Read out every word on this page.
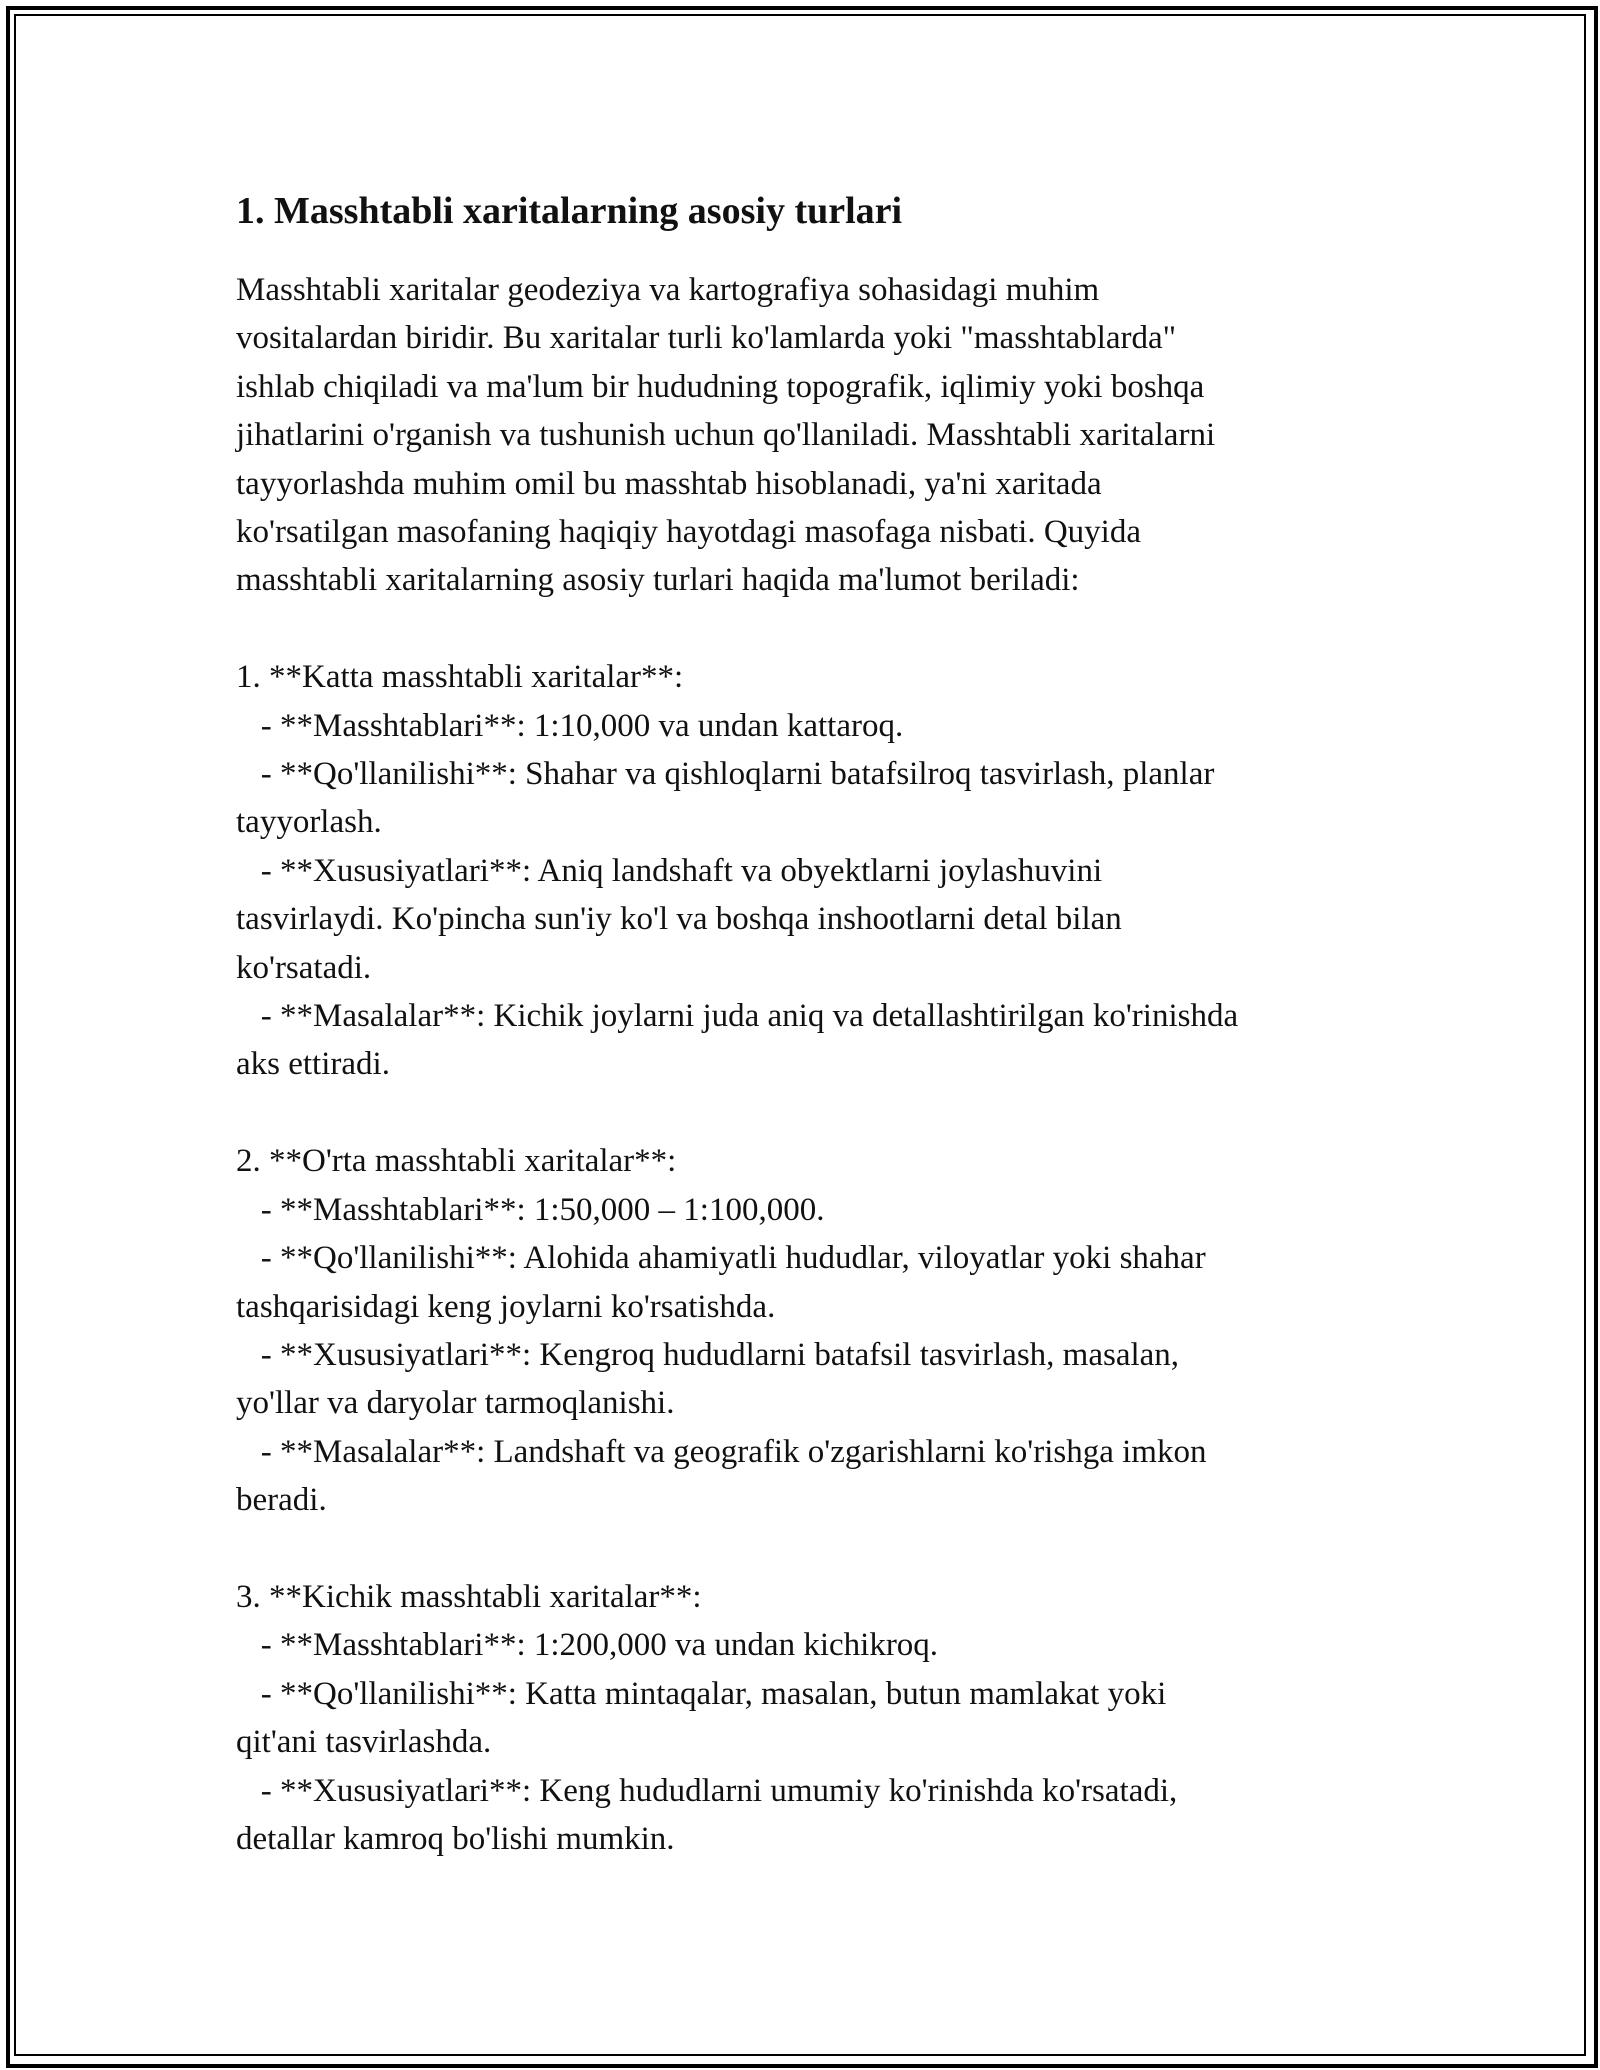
1. Masshtabli xaritalarning asosiy turlari

Masshtabli xaritalar geodeziya va kartografiya sohasidagi muhim
vositalardan biridir. Bu xaritalar turli ko'lamlarda yoki "masshtablarda"
ishlab chiqiladi va ma'lum bir hududning topografik, iqlimiy yoki boshqa
jihatlarini o'rganish va tushunish uchun qo'llaniladi. Masshtabli xaritalarni
tayyorlashda muhim omil bu masshtab hisoblanadi, ya'ni xaritada
ko'rsatilgan masofaning haqiqiy hayotdagi masofaga nisbati. Quyida
masshtabli xaritalarning asosiy turlari haqida ma'lumot beriladi:

1. **Katta masshtabli xaritalar**:

- **Masshtablari**: 1:10,000 va undan kattaroq.

- **Qo'llanilishi**: Shahar va qishloqlarni batafsilroq tasvirlash, planlar
tayyorlash.

- **Xususiyatlari**: Aniq landshaft va obyektlarni joylashuvini
tasvirlaydi. Ko'pincha sun'iy ko'l va boshqa inshootlarni detal bilan
ko'rsatadi.

- **Masalalar**: Kichik joylarni juda aniq va detallashtirilgan ko'rinishda
aks ettiradi.

2. **O'rta masshtabli xaritalar**:

- **Masshtablari**: 1:50,000 – 1:100,000.

- **Qo'llanilishi**: Alohida ahamiyatli hududlar, viloyatlar yoki shahar
tashqarisidagi keng joylarni ko'rsatishda.

- **Xususiyatlari**: Kengroq hududlarni batafsil tasvirlash, masalan,
yo'llar va daryolar tarmoqlanishi.

- **Masalalar**: Landshaft va geografik o'zgarishlarni ko'rishga imkon
beradi.

3. **Kichik masshtabli xaritalar**:

- **Masshtablari**: 1:200,000 va undan kichikroq.

- **Qo'llanilishi**: Katta mintaqalar, masalan, butun mamlakat yoki
qit'ani tasvirlashda.

- **Xususiyatlari**: Keng hududlarni umumiy ko'rinishda ko'rsatadi,
detallar kamroq bo'lishi mumkin.
